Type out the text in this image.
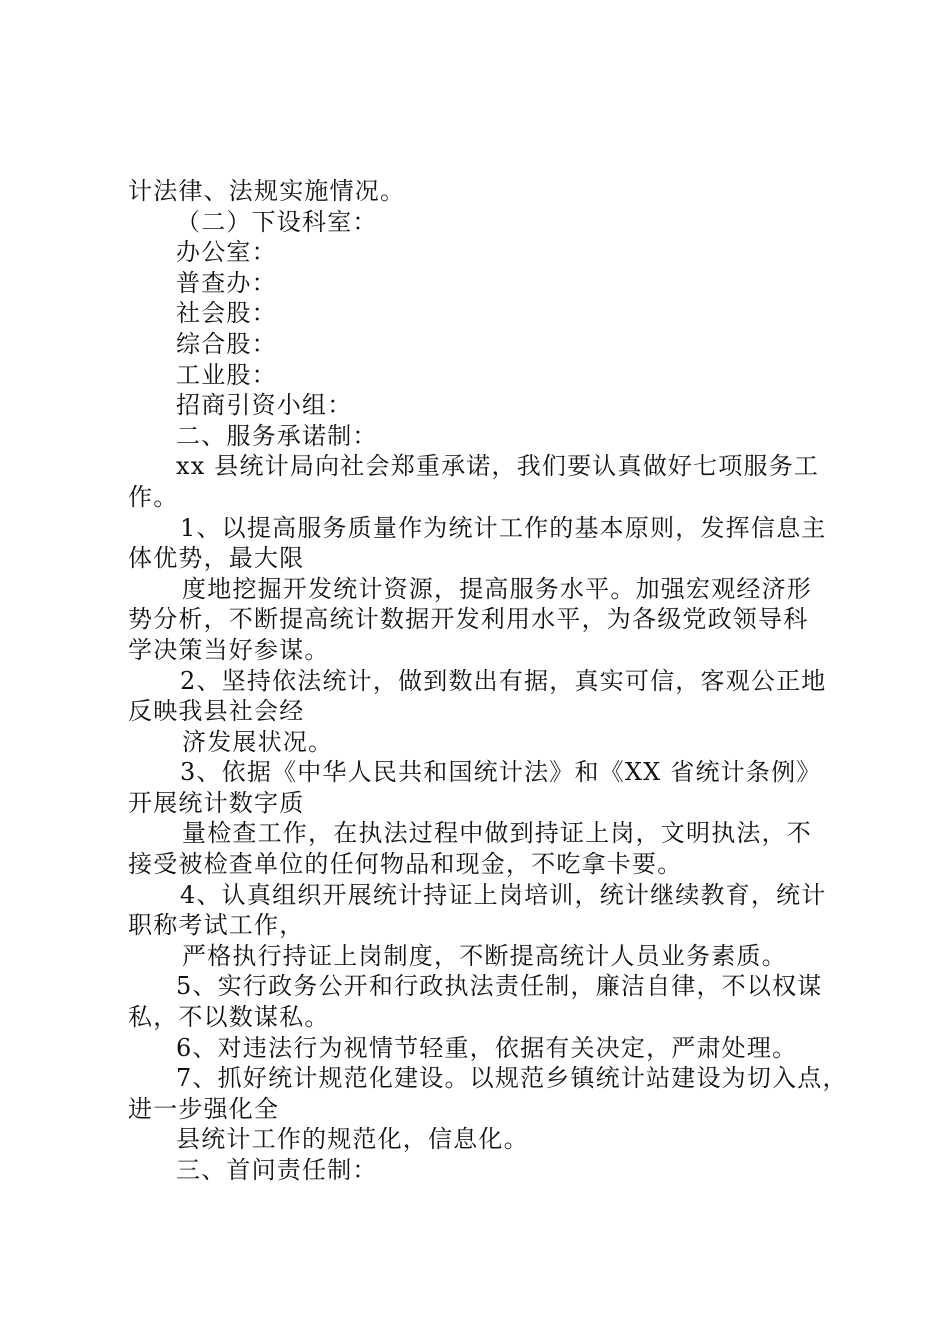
计法律、法规实施情况。
（二）下设科室：
办公室：
普查办：
社会股：
综合股：
工业股：
招商引资小组：
二、服务承诺制：
xx 县统计局向社会郑重承诺，我们要认真做好七项服务工
作。
1、以提高服务质量作为统计工作的基本原则，发挥信息主
体优势，最大限
度地挖掘开发统计资源，提高服务水平。加强宏观经济形
势分析，不断提高统计数据开发利用水平，为各级党政领导科
学决策当好参谋。
2、坚持依法统计，做到数出有据，真实可信，客观公正地
反映我县社会经
济发展状况。
3、依据《中华人民共和国统计法》和《XX 省统计条例》
开展统计数字质
量检查工作，在执法过程中做到持证上岗，文明执法，不
接受被检查单位的任何物品和现金，不吃拿卡要。
4、认真组织开展统计持证上岗培训，统计继续教育，统计
职称考试工作，
严格执行持证上岗制度，不断提高统计人员业务素质。
5、实行政务公开和行政执法责任制，廉洁自律，不以权谋
私，不以数谋私。
6、对违法行为视情节轻重，依据有关决定，严肃处理。
7、抓好统计规范化建设。以规范乡镇统计站建设为切入点，
进一步强化全
县统计工作的规范化，信息化。
三、首问责任制：
